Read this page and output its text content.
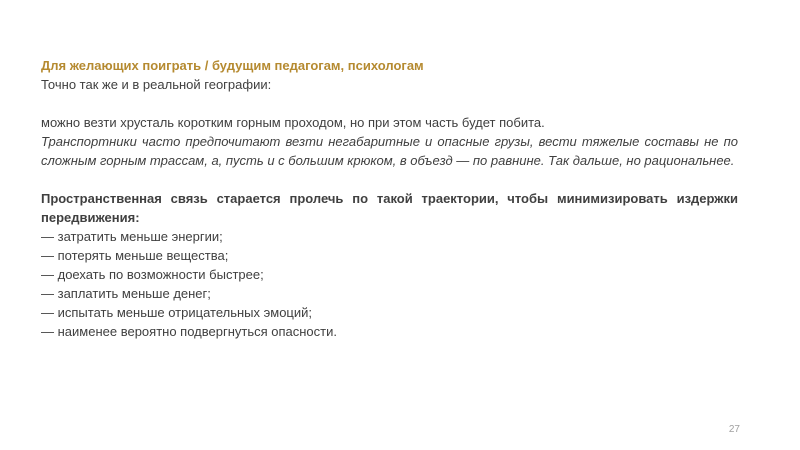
Для желающих поиграть / будущим педагогам, психологам

Точно так же и в реальной географии:

можно везти хрусталь коротким горным проходом, но при этом часть будет побита.

Транспортники часто предпочитают везти негабаритные и опасные грузы, вести тяжелые составы не по сложным горным трассам, а, пусть и с большим крюком, в объезд — по равнине. Так дальше, но рациональнее.

Пространственная связь старается пролечь по такой траектории, чтобы минимизировать издержки передвижения:

— затратить меньше энергии;
— потерять меньше вещества;
— доехать по возможности быстрее;
— заплатить меньше денег;
— испытать меньше отрицательных эмоций;
— наименее вероятно подвергнуться опасности.
27
